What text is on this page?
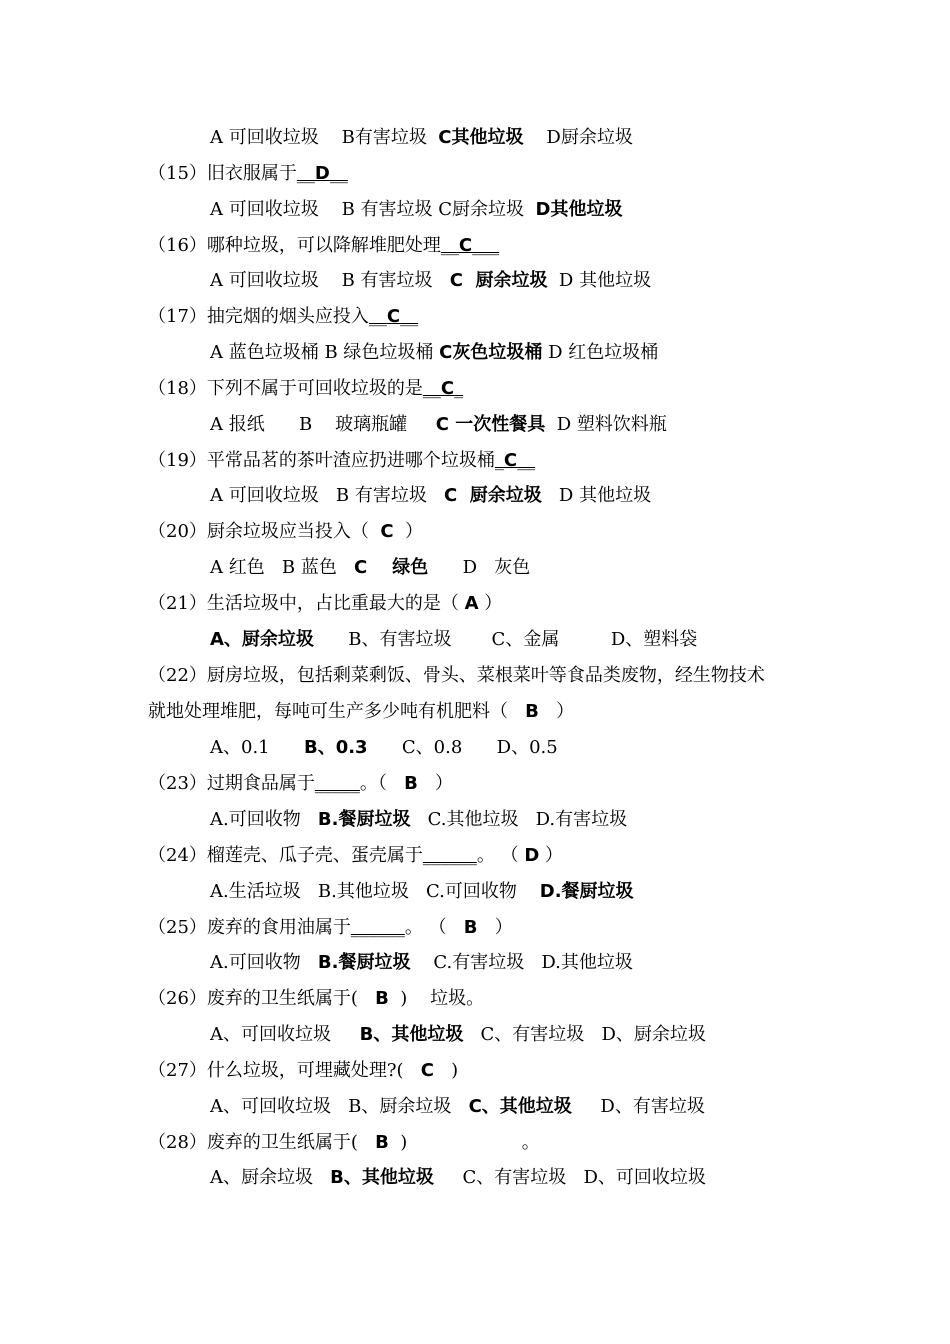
A 可回收垃圾    B有害垃圾  C其他垃圾    D厨余垃圾
（15）旧衣服属于__D__
A 可回收垃圾    B 有害垃圾 C厨余垃圾  D其他垃圾
（16）哪种垃圾，可以降解堆肥处理__C___
A 可回收垃圾    B 有害垃圾   C  厨余垃圾  D 其他垃圾
（17）抽完烟的烟头应投入__C__
A 蓝色垃圾桶 B 绿色垃圾桶 C灰色垃圾桶 D 红色垃圾桶
（18）下列不属于可回收垃圾的是__C_
A 报纸      B    玻璃瓶罐     C 一次性餐具  D 塑料饮料瓶
（19）平常品茗的茶叶渣应扔进哪个垃圾桶_C__
A 可回收垃圾   B 有害垃圾   C  厨余垃圾   D 其他垃圾
（20）厨余垃圾应当投入（  C  ）
A 红色   B 蓝色   C    绿色      D   灰色
（21）生活垃圾中，占比重最大的是（ A ）
A、厨余垃圾      B、有害垃圾       C、金属         D、塑料袋
（22）厨房垃圾，包括剩菜剩饭、骨头、菜根菜叶等食品类废物，经生物技术
就地处理堆肥，每吨可生产多少吨有机肥料（   B   ）
A、0.1      B、0.3      C、0.8      D、0.5
（23）过期食品属于_____。（   B   ）
A.可回收物   B.餐厨垃圾   C.其他垃圾   D.有害垃圾
（24）榴莲壳、瓜子壳、蛋壳属于______。 （ D ）
A.生活垃圾   B.其他垃圾   C.可回收物    D.餐厨垃圾
（25）废弃的食用油属于______。 （   B   ）
A.可回收物   B.餐厨垃圾    C.有害垃圾   D.其他垃圾
（26）废弃的卫生纸属于(   B  )    垃圾。
A、可回收垃圾     B、其他垃圾   C、有害垃圾   D、厨余垃圾
（27）什么垃圾，可埋藏处理?(   C   )
A、可回收垃圾   B、厨余垃圾   C、其他垃圾     D、有害垃圾
（28）废弃的卫生纸属于(   B  )                    。
A、厨余垃圾   B、其他垃圾     C、有害垃圾   D、可回收垃圾
